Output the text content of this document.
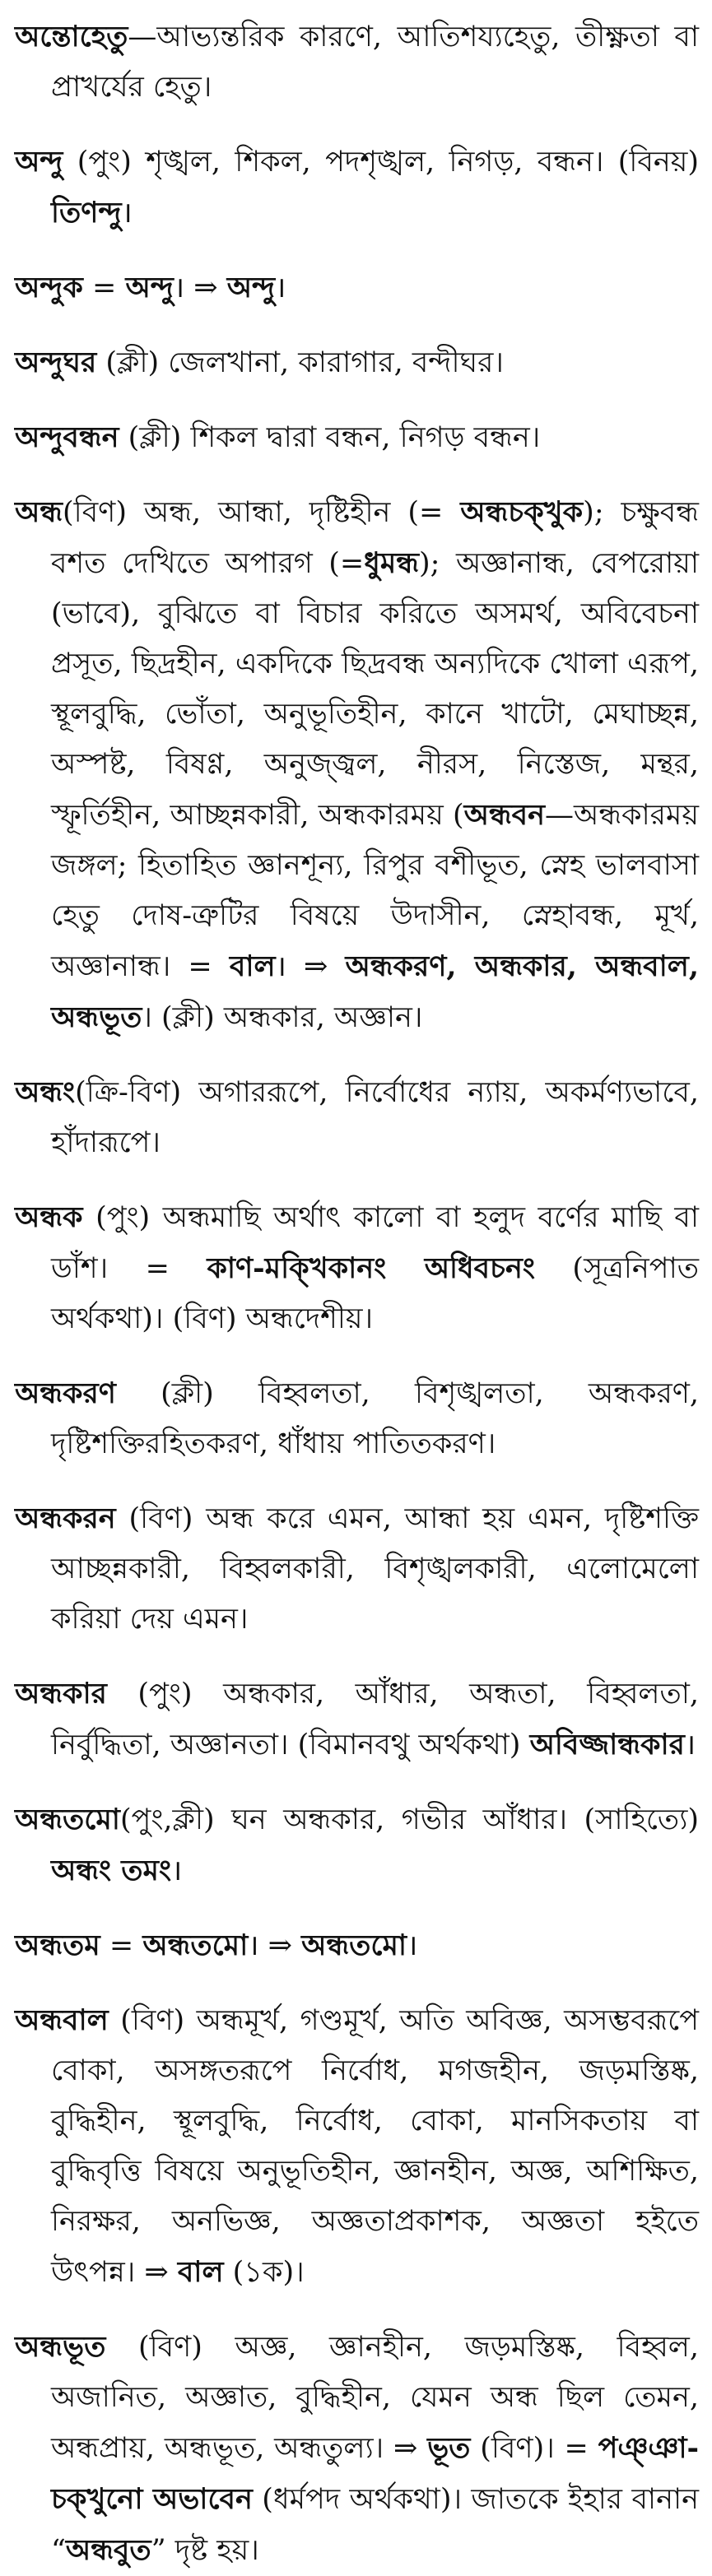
অন্তোহেতু—আভ্যন্তরিক কারণে, আতিশয্যহেতু, তীক্ষ্ণতা বা প্রাখর্যের হেতু।

অন্দু (পুং) শৃঙ্খল, শিকল, পদশৃঙ্খল, নিগড়, বন্ধন। (বিনয়) তিণন্দু।

অন্দুক = অন্দু। ⇒ অন্দু।

অন্দুঘর (ক্লী) জেলখানা, কারাগার, বন্দীঘর।

অন্দুবন্ধন (ক্লী) শিকল দ্বারা বন্ধন, নিগড় বন্ধন।

অন্ধ(বিণ) অন্ধ, আন্ধা, দৃষ্টিহীন (= অন্ধচক্খুক); চক্ষুবন্ধ বশত দেখিতে অপারগ (=ধুমন্ধ); অজ্ঞানান্ধ, বেপরোয়া (ভাবে), বুঝিতে বা বিচার করিতে অসমর্থ, অবিবেচনা প্রসূত, ছিদ্রহীন, একদিকে ছিদ্রবন্ধ অন্যদিকে খোলা এরূপ, স্থূলবুদ্ধি, ভোঁতা, অনুভূতিহীন, কানে খাটো, মেঘাচ্ছন্ন, অস্পষ্ট, বিষণ্ণ, অনুজ্জ্বল, নীরস, নিস্তেজ, মন্থর, স্ফূর্তিহীন, আচ্ছন্নকারী, অন্ধকারময় (অন্ধবন—অন্ধকারময় জঙ্গল; হিতাহিত জ্ঞানশূন্য, রিপুর বশীভূত, স্নেহ ভালবাসা হেতু দোষ-ত্রুটির বিষয়ে উদাসীন, স্নেহাবন্ধ, মূর্খ, অজ্ঞানান্ধ। = বাল। ⇒ অন্ধকরণ, অন্ধকার, অন্ধবাল, অন্ধভূত। (ক্লী) অন্ধকার, অজ্ঞান।

অন্ধং(ক্রি-বিণ) অগাররূপে, নির্বোধের ন্যায়, অকর্মণ্যভাবে, হাঁদারূপে।

অন্ধক (পুং) অন্ধমাছি অর্থাৎ কালো বা হলুদ বর্ণের মাছি বা ডাঁশ। = কাণ-মক্খিকানং অধিবচনং (সূত্রনিপাত অর্থকথা)। (বিণ) অন্ধদেশীয়।

অন্ধকরণ (ক্লী) বিহ্বলতা, বিশৃঙ্খলতা, অন্ধকরণ, দৃষ্টিশক্তিরহিতকরণ, ধাঁধায় পাতিতকরণ।

অন্ধকরন (বিণ) অন্ধ করে এমন, আন্ধা হয় এমন, দৃষ্টিশক্তি আচ্ছন্নকারী, বিহ্বলকারী, বিশৃঙ্খলকারী, এলোমেলো করিয়া দেয় এমন।

অন্ধকার (পুং) অন্ধকার, আঁধার, অন্ধতা, বিহ্বলতা, নির্বুদ্ধিতা, অজ্ঞানতা। (বিমানবথু অর্থকথা) অবিজ্জান্ধকার।

অন্ধতমো(পুং,ক্লী) ঘন অন্ধকার, গভীর আঁধার। (সাহিত্যে) অন্ধং তমং।

অন্ধতম = অন্ধতমো। ⇒ অন্ধতমো।

অন্ধবাল (বিণ) অন্ধমূর্খ, গণ্ডমূর্খ, অতি অবিজ্ঞ, অসম্ভবরূপে বোকা, অসঙ্গতরূপে নির্বোধ, মগজহীন, জড়মস্তিষ্ক, বুদ্ধিহীন, স্থূলবুদ্ধি, নির্বোধ, বোকা, মানসিকতায় বা বুদ্ধিবৃত্তি বিষয়ে অনুভূতিহীন, জ্ঞানহীন, অজ্ঞ, অশিক্ষিত, নিরক্ষর, অনভিজ্ঞ, অজ্ঞতাপ্রকাশক, অজ্ঞতা হইতে উৎপন্ন। ⇒ বাল (১ক)।

অন্ধভূত (বিণ) অজ্ঞ, জ্ঞানহীন, জড়মস্তিষ্ক, বিহ্বল, অজানিত, অজ্ঞাত, বুদ্ধিহীন, যেমন অন্ধ ছিল তেমন, অন্ধপ্রায়, অন্ধভূত, অন্ধতুল্য। ⇒ ভূত (বিণ)। = পঞ্ঞা-চক্খুনো অভাবেন (ধর্মপদ অর্থকথা)। জাতকে ইহার বানান “অন্ধবুত” দৃষ্ট হয়।
